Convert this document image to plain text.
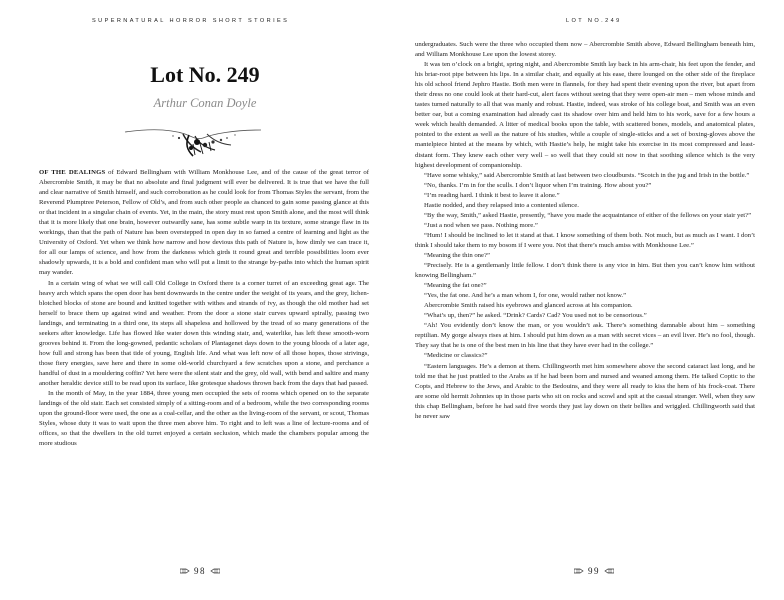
SUPERNATURAL HORROR SHORT STORIES
Lot No. 249
Arthur Conan Doyle

OF THE DEALINGS of Edward Bellingham with William Monkhouse Lee, and of the cause of the great terror of Abercrombie Smith, it may be that no absolute and final judgment will ever be delivered. It is true that we have the full and clear narrative of Smith himself, and such corroboration as he could look for from Thomas Styles the servant, from the Reverend Plumptree Peterson, Fellow of Old’s, and from such other people as chanced to gain some passing glance at this or that incident in a singular chain of events. Yet, in the main, the story must rest upon Smith alone, and the most will think that it is more likely that one brain, however outwardly sane, has some subtle warp in its texture, some strange flaw in its workings, than that the path of Nature has been overstepped in open day in so famed a centre of learning and light as the University of Oxford. Yet when we think how narrow and how devious this path of Nature is, how dimly we can trace it, for all our lamps of science, and how from the darkness which girds it round great and terrible possibilities loom ever shadowly upwards, it is a bold and confident man who will put a limit to the strange by-paths into which the human spirit may wander.

In a certain wing of what we will call Old College in Oxford there is a corner turret of an exceeding great age. The heavy arch which spans the open door has bent downwards in the centre under the weight of its years, and the grey, lichen-blotched blocks of stone are bound and knitted together with withes and strands of ivy, as though the old mother had set herself to brace them up against wind and weather. From the door a stone stair curves upward spirally, passing two landings, and terminating in a third one, its steps all shapeless and hollowed by the tread of so many generations of the seekers after knowledge. Life has flowed like water down this winding stair, and, waterlike, has left these smooth-worn grooves behind it. From the long-gowned, pedantic scholars of Plantagenet days down to the young bloods of a later age, how full and strong has been that tide of young, English life. And what was left now of all those hopes, those strivings, those fiery energies, save here and there in some old-world churchyard a few scratches upon a stone, and perchance a handful of dust in a mouldering coffin? Yet here were the silent stair and the grey, old wall, with bend and saltire and many another heraldic device still to be read upon its surface, like grotesque shadows thrown back from the days that had passed.

In the month of May, in the year 1884, three young men occupied the sets of rooms which opened on to the separate landings of the old stair. Each set consisted simply of a sitting-room and of a bedroom, while the two corresponding rooms upon the ground-floor were used, the one as a coal-cellar, and the other as the living-room of the servant, or scout, Thomas Styles, whose duty it was to wait upon the three men above him. To right and to left was a line of lecture-rooms and of offices, so that the dwellers in the old turret enjoyed a certain seclusion, which made the chambers popular among the more studious

98
LOT NO.249

undergraduates. Such were the three who occupied them now – Abercrombie Smith above, Edward Bellingham beneath him, and William Monkhouse Lee upon the lowest storey.

It was ten o’clock on a bright, spring night, and Abercrombie Smith lay back in his arm-chair, his feet upon the fender, and his briar-root pipe between his lips. In a similar chair, and equally at his ease, there lounged on the other side of the fireplace his old school friend Jephro Hastie. Both men were in flannels, for they had spent their evening upon the river, but apart from their dress no one could look at their hard-cut, alert faces without seeing that they were open-air men – men whose minds and tastes turned naturally to all that was manly and robust. Hastie, indeed, was stroke of his college boat, and Smith was an even better oar, but a coming examination had already cast its shadow over him and held him to his work, save for a few hours a week which health demanded. A litter of medical books upon the table, with scattered bones, models, and anatomical plates, pointed to the extent as well as the nature of his studies, while a couple of single-sticks and a set of boxing-gloves above the mantelpiece hinted at the means by which, with Hastie’s help, he might take his exercise in its most compressed and least-distant form. They knew each other very well – so well that they could sit now in that soothing silence which is the very highest development of companionship.

“Have some whisky,” said Abercrombie Smith at last between two cloudbursts. “Scotch in the jug and Irish in the bottle.”

“No, thanks. I’m in for the sculls. I don’t liquor when I’m training. How about you?”

“I’m reading hard. I think it best to leave it alone.”

Hastie nodded, and they relapsed into a contented silence.

“By the way, Smith,” asked Hastie, presently, “have you made the acquaintance of either of the fellows on your stair yet?”

“Just a nod when we pass. Nothing more.”

“Hum! I should be inclined to let it stand at that. I know something of them both. Not much, but as much as I want. I don’t think I should take them to my bosom if I were you. Not that there’s much amiss with Monkhouse Lee.”

“Meaning the thin one?”

“Precisely. He is a gentlemanly little fellow. I don’t think there is any vice in him. But then you can’t know him without knowing Bellingham.”

“Meaning the fat one?”

“Yes, the fat one. And he’s a man whom I, for one, would rather not know.”

Abercrombie Smith raised his eyebrows and glanced across at his companion.

“What’s up, then?” he asked. “Drink? Cards? Cad? You used not to be censorious.”

“Ah! You evidently don’t know the man, or you wouldn’t ask. There’s something damnable about him – something reptilian. My gorge always rises at him. I should put him down as a man with secret vices – an evil liver. He’s no fool, though. They say that he is one of the best men in his line that they have ever had in the college.”

“Medicine or classics?”

“Eastern languages. He’s a demon at them. Chillingworth met him somewhere above the second cataract last long, and he told me that he just prattled to the Arabs as if he had been born and nursed and weaned among them. He talked Coptic to the Copts, and Hebrew to the Jews, and Arabic to the Bedouins, and they were all ready to kiss the hem of his frock-coat. There are some old hermit Johnnies up in those parts who sit on rocks and scowl and spit at the casual stranger. Well, when they saw this chap Bellingham, before he had said five words they just lay down on their bellies and wriggled. Chillingworth said that he never saw

99
